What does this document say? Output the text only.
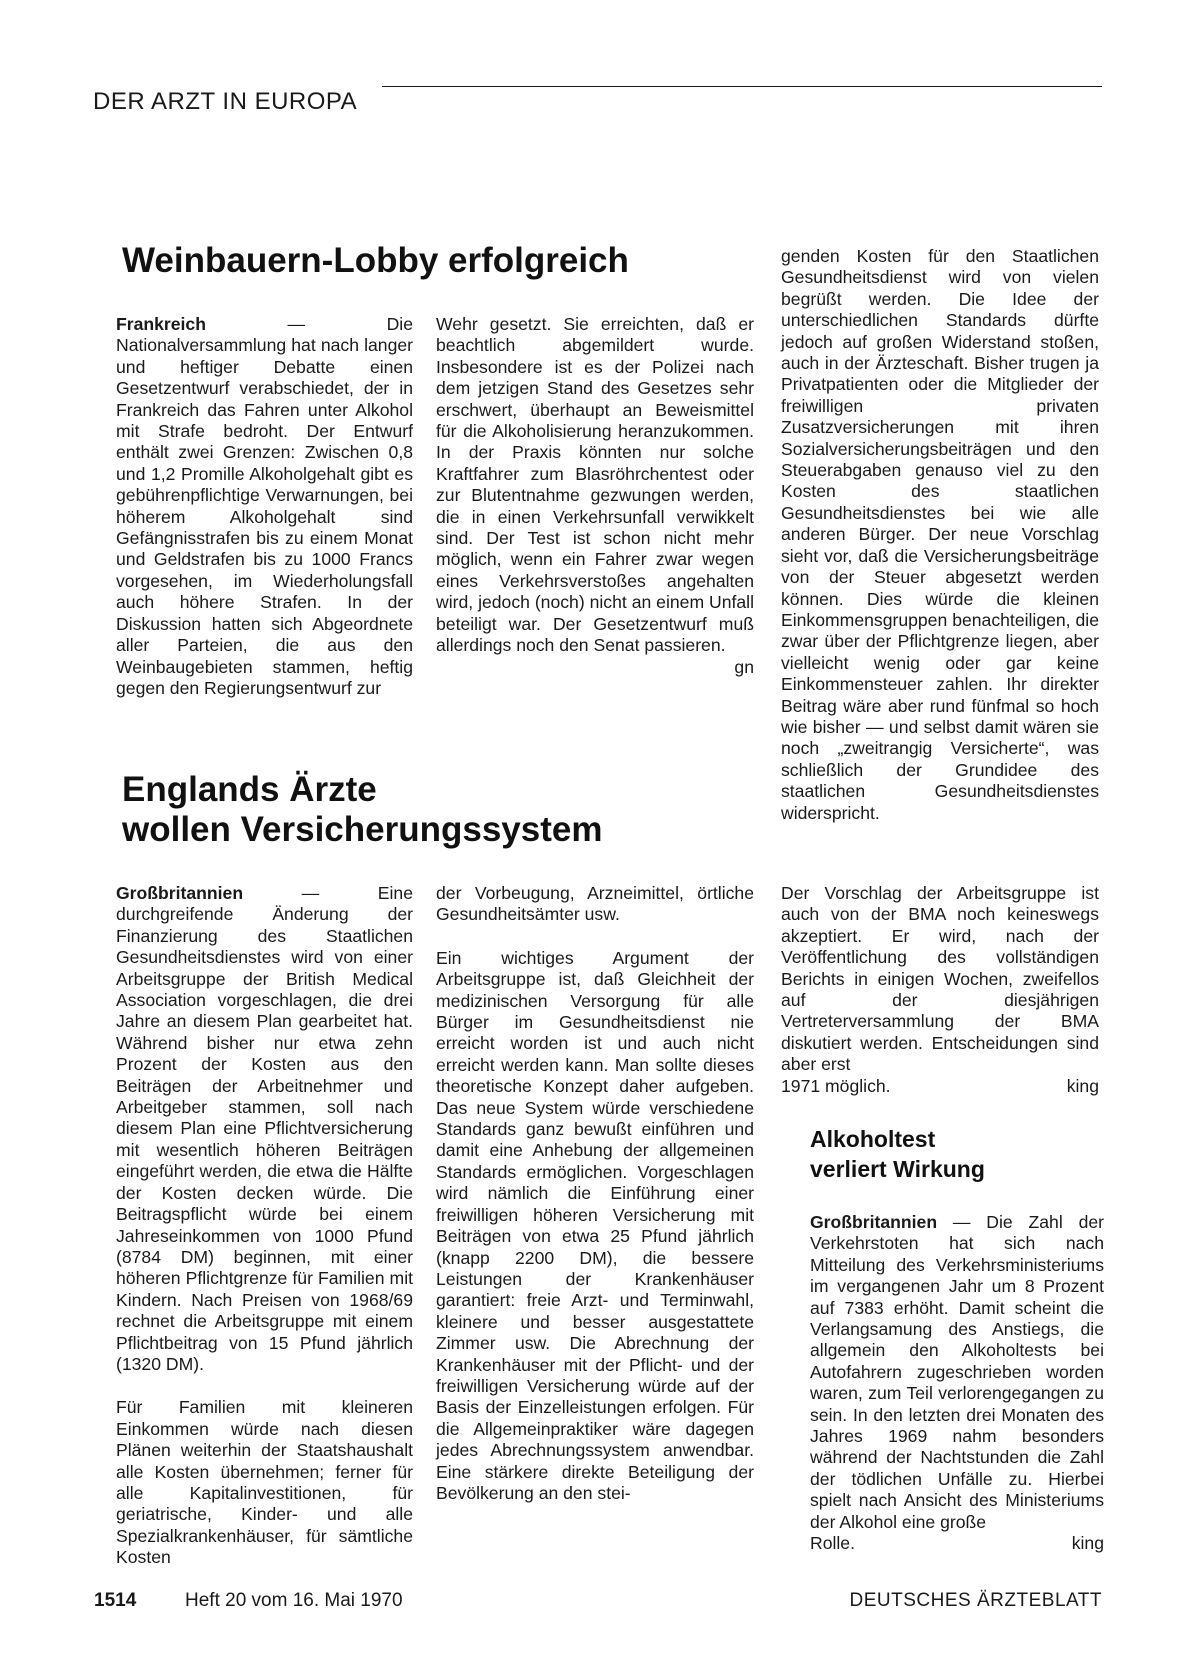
DER ARZT IN EUROPA
Weinbauern-Lobby erfolgreich

Frankreich — Die Nationalversammlung hat nach langer und heftiger Debatte einen Gesetzentwurf verabschiedet, der in Frankreich das Fahren unter Alkohol mit Strafe bedroht. Der Entwurf enthält zwei Grenzen: Zwischen 0,8 und 1,2 Promille Alkoholgehalt gibt es gebührenpflichtige Verwarnungen, bei höherem Alkoholgehalt sind Gefängnisstrafen bis zu einem Monat und Geldstrafen bis zu 1000 Francs vorgesehen, im Wiederholungsfall auch höhere Strafen. In der Diskussion hatten sich Abgeordnete aller Parteien, die aus den Weinbaugebieten stammen, heftig gegen den Regierungsentwurf zur

Wehr gesetzt. Sie erreichten, daß er beachtlich abgemildert wurde. Insbesondere ist es der Polizei nach dem jetzigen Stand des Gesetzes sehr erschwert, überhaupt an Beweismittel für die Alkoholisierung heranzukommen. In der Praxis könnten nur solche Kraftfahrer zum Blasröhrchentest oder zur Blutentnahme gezwungen werden, die in einen Verkehrsunfall verwikkelt sind. Der Test ist schon nicht mehr möglich, wenn ein Fahrer zwar wegen eines Verkehrsverstoßes angehalten wird, jedoch (noch) nicht an einem Unfall beteiligt war. Der Gesetzentwurf muß allerdings noch den Senat passieren.

gn

genden Kosten für den Staatlichen Gesundheitsdienst wird von vielen begrüßt werden. Die Idee der unterschiedlichen Standards dürfte jedoch auf großen Widerstand stoßen, auch in der Ärzteschaft. Bisher trugen ja Privatpatienten oder die Mitglieder der freiwilligen privaten Zusatzversicherungen mit ihren Sozialversicherungsbeiträgen und den Steuerabgaben genauso viel zu den Kosten des staatlichen Gesundheitsdienstes bei wie alle anderen Bürger. Der neue Vorschlag sieht vor, daß die Versicherungsbeiträge von der Steuer abgesetzt werden können. Dies würde die kleinen Einkommensgruppen benachteiligen, die zwar über der Pflichtgrenze liegen, aber vielleicht wenig oder gar keine Einkommensteuer zahlen. Ihr direkter Beitrag wäre aber rund fünfmal so hoch wie bisher — und selbst damit wären sie noch „zweitrangig Versicherte“, was schließlich der Grundidee des staatlichen Gesundheitsdienstes widerspricht.

Englands Ärzte
wollen Versicherungssystem

Großbritannien — Eine durchgreifende Änderung der Finanzierung des Staatlichen Gesundheitsdienstes wird von einer Arbeitsgruppe der British Medical Association vorgeschlagen, die drei Jahre an diesem Plan gearbeitet hat. Während bisher nur etwa zehn Prozent der Kosten aus den Beiträgen der Arbeitnehmer und Arbeitgeber stammen, soll nach diesem Plan eine Pflichtversicherung mit wesentlich höheren Beiträgen eingeführt werden, die etwa die Hälfte der Kosten decken würde. Die Beitragspflicht würde bei einem Jahreseinkommen von 1000 Pfund (8784 DM) beginnen, mit einer höheren Pflichtgrenze für Familien mit Kindern. Nach Preisen von 1968/69 rechnet die Arbeitsgruppe mit einem Pflichtbeitrag von 15 Pfund jährlich (1320 DM).

Für Familien mit kleineren Einkommen würde nach diesen Plänen weiterhin der Staatshaushalt alle Kosten übernehmen; ferner für alle Kapitalinvestitionen, für geriatrische, Kinder- und alle Spezialkrankenhäuser, für sämtliche Kosten

der Vorbeugung, Arzneimittel, örtliche Gesundheitsämter usw.

Ein wichtiges Argument der Arbeitsgruppe ist, daß Gleichheit der medizinischen Versorgung für alle Bürger im Gesundheitsdienst nie erreicht worden ist und auch nicht erreicht werden kann. Man sollte dieses theoretische Konzept daher aufgeben. Das neue System würde verschiedene Standards ganz bewußt einführen und damit eine Anhebung der allgemeinen Standards ermöglichen. Vorgeschlagen wird nämlich die Einführung einer freiwilligen höheren Versicherung mit Beiträgen von etwa 25 Pfund jährlich (knapp 2200 DM), die bessere Leistungen der Krankenhäuser garantiert: freie Arzt- und Terminwahl, kleinere und besser ausgestattete Zimmer usw. Die Abrechnung der Krankenhäuser mit der Pflicht- und der freiwilligen Versicherung würde auf der Basis der Einzelleistungen erfolgen. Für die Allgemeinpraktiker wäre dagegen jedes Abrechnungssystem anwendbar. Eine stärkere direkte Beteiligung der Bevölkerung an den stei-

Der Vorschlag der Arbeitsgruppe ist auch von der BMA noch keineswegs akzeptiert. Er wird, nach der Veröffentlichung des vollständigen Berichts in einigen Wochen, zweifellos auf der diesjährigen Vertreterversammlung der BMA diskutiert werden. Entscheidungen sind aber erst

1971 möglich.	king
Alkoholtest
verliert Wirkung

Großbritannien — Die Zahl der Verkehrstoten hat sich nach Mitteilung des Verkehrsministeriums im vergangenen Jahr um 8 Prozent auf 7383 erhöht. Damit scheint die Verlangsamung des Anstiegs, die allgemein den Alkoholtests bei Autofahrern zugeschrieben worden waren, zum Teil verlorengegangen zu sein. In den letzten drei Monaten des Jahres 1969 nahm besonders während der Nachtstunden die Zahl der tödlichen Unfälle zu. Hierbei spielt nach Ansicht des Ministeriums der Alkohol eine große

Rolle.	king
1514	Heft 20 vom 16. Mai 1970	DEUTSCHES ÄRZTEBLATT
